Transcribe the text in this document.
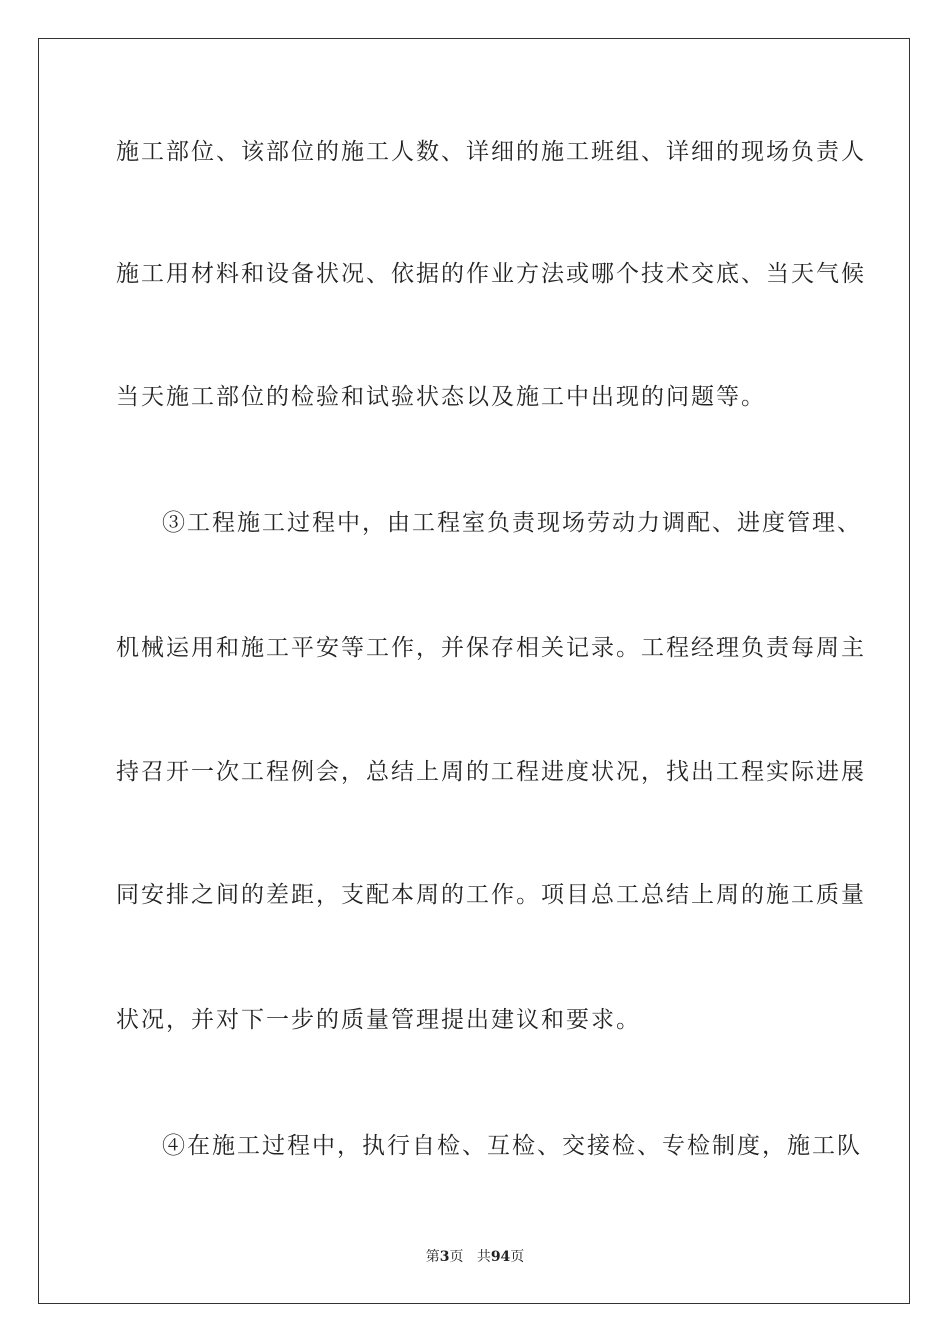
施工部位、该部位的施工人数、详细的施工班组、详细的现场负责人
施工用材料和设备状况、依据的作业方法或哪个技术交底、当天气候
当天施工部位的检验和试验状态以及施工中出现的问题等。
③工程施工过程中，由工程室负责现场劳动力调配、进度管理、
机械运用和施工平安等工作，并保存相关记录。工程经理负责每周主
持召开一次工程例会，总结上周的工程进度状况，找出工程实际进展
同安排之间的差距，支配本周的工作。项目总工总结上周的施工质量
状况，并对下一步的质量管理提出建议和要求。
④在施工过程中，执行自检、互检、交接检、专检制度，施工队
第3页 共94页
